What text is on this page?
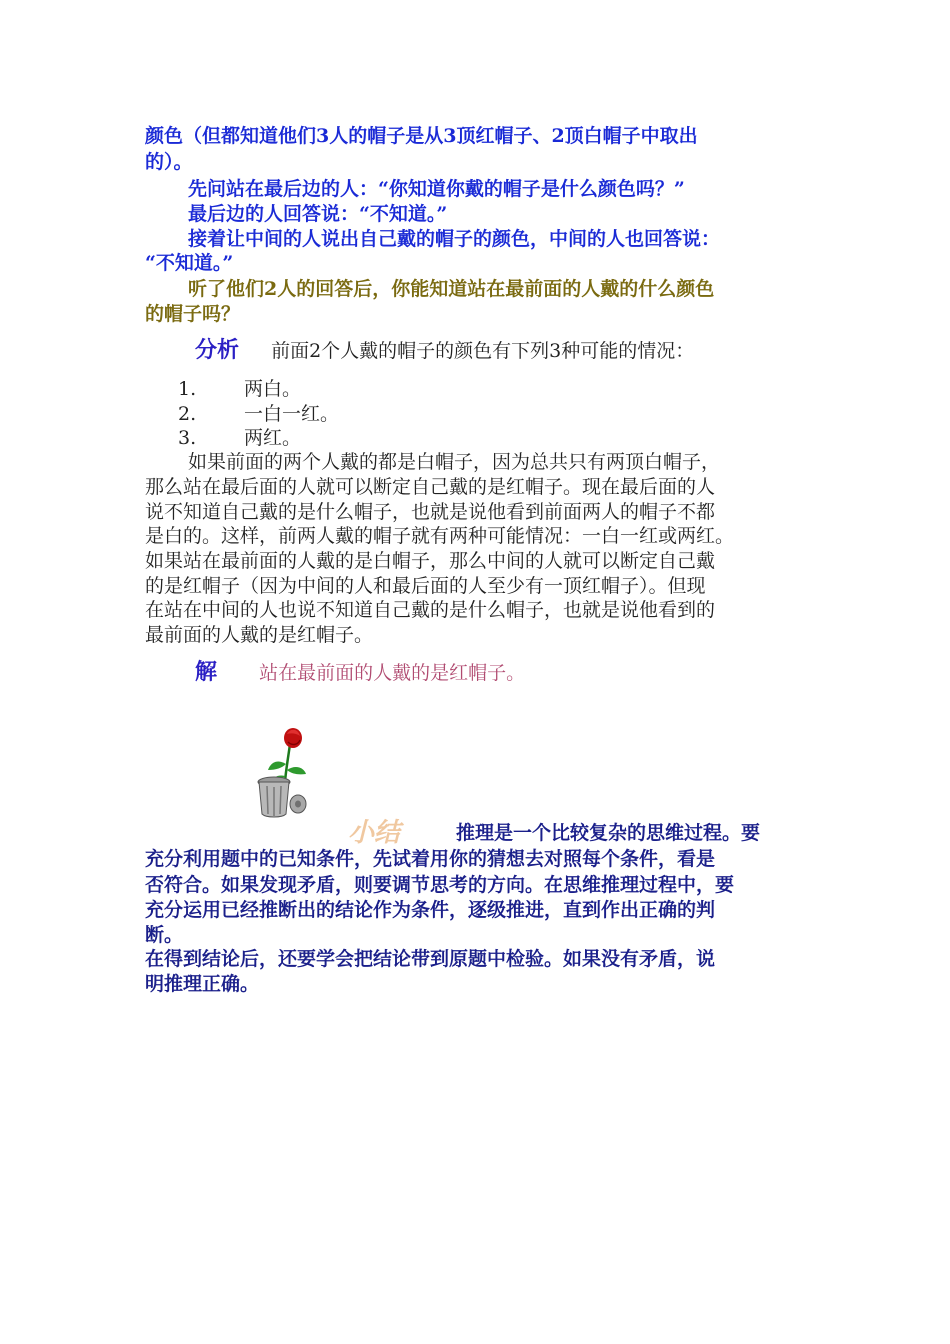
颜色（但都知道他们3人的帽子是从3顶红帽子、2顶白帽子中取出
的）。
先问站在最后边的人：“你知道你戴的帽子是什么颜色吗？”
最后边的人回答说：“不知道。”
接着让中间的人说出自己戴的帽子的颜色，中间的人也回答说：
“不知道。”
听了他们2人的回答后，你能知道站在最前面的人戴的什么颜色
的帽子吗？
分析 前面2个人戴的帽子的颜色有下列3种可能的情况：
1.	两白。
2.	一白一红。
3.	两红。
如果前面的两个人戴的都是白帽子，因为总共只有两顶白帽子，
那么站在最后面的人就可以断定自己戴的是红帽子。现在最后面的人
说不知道自己戴的是什么帽子，也就是说他看到前面两人的帽子不都
是白的。这样，前两人戴的帽子就有两种可能情况：一白一红或两红。
如果站在最前面的人戴的是白帽子，那么中间的人就可以断定自己戴
的是红帽子（因为中间的人和最后面的人至少有一顶红帽子）。但现
在站在中间的人也说不知道自己戴的是什么帽子，也就是说他看到的
最前面的人戴的是红帽子。
解 站在最前面的人戴的是红帽子。
小结	推理是一个比较复杂的思维过程。要
充分利用题中的已知条件，先试着用你的猜想去对照每个条件，看是
否符合。如果发现矛盾，则要调节思考的方向。在思维推理过程中，要
充分运用已经推断出的结论作为条件，逐级推进，直到作出正确的判
断。
在得到结论后，还要学会把结论带到原题中检验。如果没有矛盾，说
明推理正确。
